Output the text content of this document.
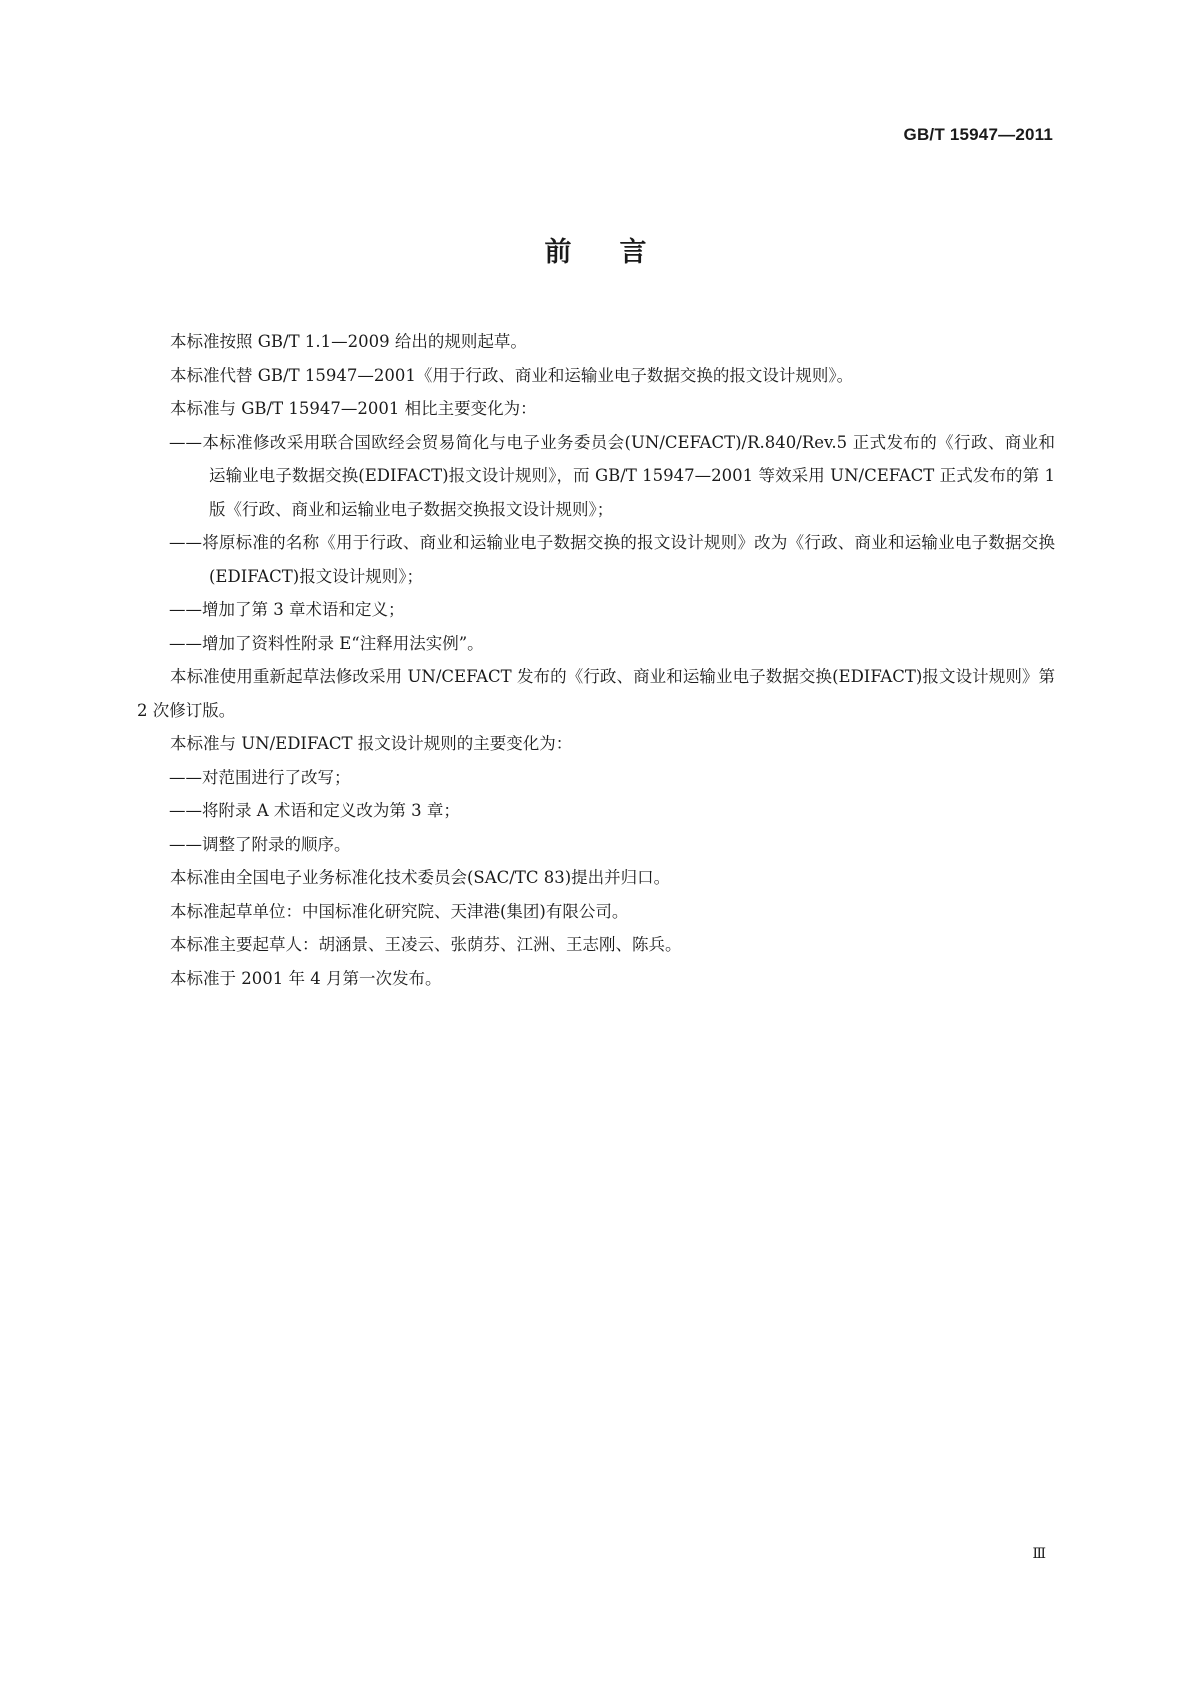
GB/T 15947—2011
前言

本标准按照 GB/T 1.1—2009 给出的规则起草。

本标准代替 GB/T 15947—2001《用于行政、商业和运输业电子数据交换的报文设计规则》。

本标准与 GB/T 15947—2001 相比主要变化为：

——本标准修改采用联合国欧经会贸易简化与电子业务委员会(UN/CEFACT)/R.840/Rev.5 正式发布的《行政、商业和运输业电子数据交换(EDIFACT)报文设计规则》，而 GB/T 15947—2001 等效采用 UN/CEFACT 正式发布的第 1 版《行政、商业和运输业电子数据交换报文设计规则》；

——将原标准的名称《用于行政、商业和运输业电子数据交换的报文设计规则》改为《行政、商业和运输业电子数据交换(EDIFACT)报文设计规则》；

——增加了第 3 章术语和定义；

——增加了资料性附录 E“注释用法实例”。

本标准使用重新起草法修改采用 UN/CEFACT 发布的《行政、商业和运输业电子数据交换(EDIFACT)报文设计规则》第 2 次修订版。

本标准与 UN/EDIFACT 报文设计规则的主要变化为：

——对范围进行了改写；

——将附录 A 术语和定义改为第 3 章；

——调整了附录的顺序。

本标准由全国电子业务标准化技术委员会(SAC/TC 83)提出并归口。

本标准起草单位：中国标准化研究院、天津港(集团)有限公司。

本标准主要起草人：胡涵景、王凌云、张荫芬、江洲、王志刚、陈兵。

本标准于 2001 年 4 月第一次发布。

Ⅲ
